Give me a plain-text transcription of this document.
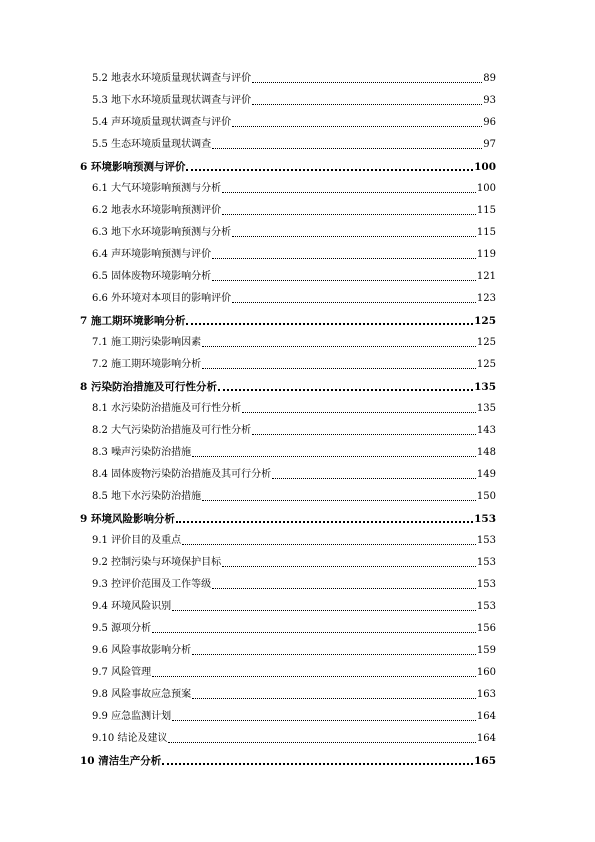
5.2 地表水环境质量现状调查与评价	89
5.3 地下水环境质量现状调查与评价	93
5.4 声环境质量现状调查与评价	96
5.5 生态环境质量现状调查	97
6 环境影响预测与评价	100
6.1 大气环境影响预测与分析	100
6.2 地表水环境影响预测评价	115
6.3 地下水环境影响预测与分析	115
6.4 声环境影响预测与评价	119
6.5 固体废物环境影响分析	121
6.6 外环境对本项目的影响评价	123
7 施工期环境影响分析	125
7.1 施工期污染影响因素	125
7.2 施工期环境影响分析	125
8 污染防治措施及可行性分析	135
8.1 水污染防治措施及可行性分析	135
8.2 大气污染防治措施及可行性分析	143
8.3 噪声污染防治措施	148
8.4 固体废物污染防治措施及其可行分析	149
8.5 地下水污染防治措施	150
9 环境风险影响分析	153
9.1 评价目的及重点	153
9.2 控制污染与环境保护目标	153
9.3 控评价范围及工作等级	153
9.4 环境风险识别	153
9.5 源项分析	156
9.6 风险事故影响分析	159
9.7 风险管理	160
9.8 风险事故应急预案	163
9.9 应急监测计划	164
9.10 结论及建议	164
10 清洁生产分析	165
